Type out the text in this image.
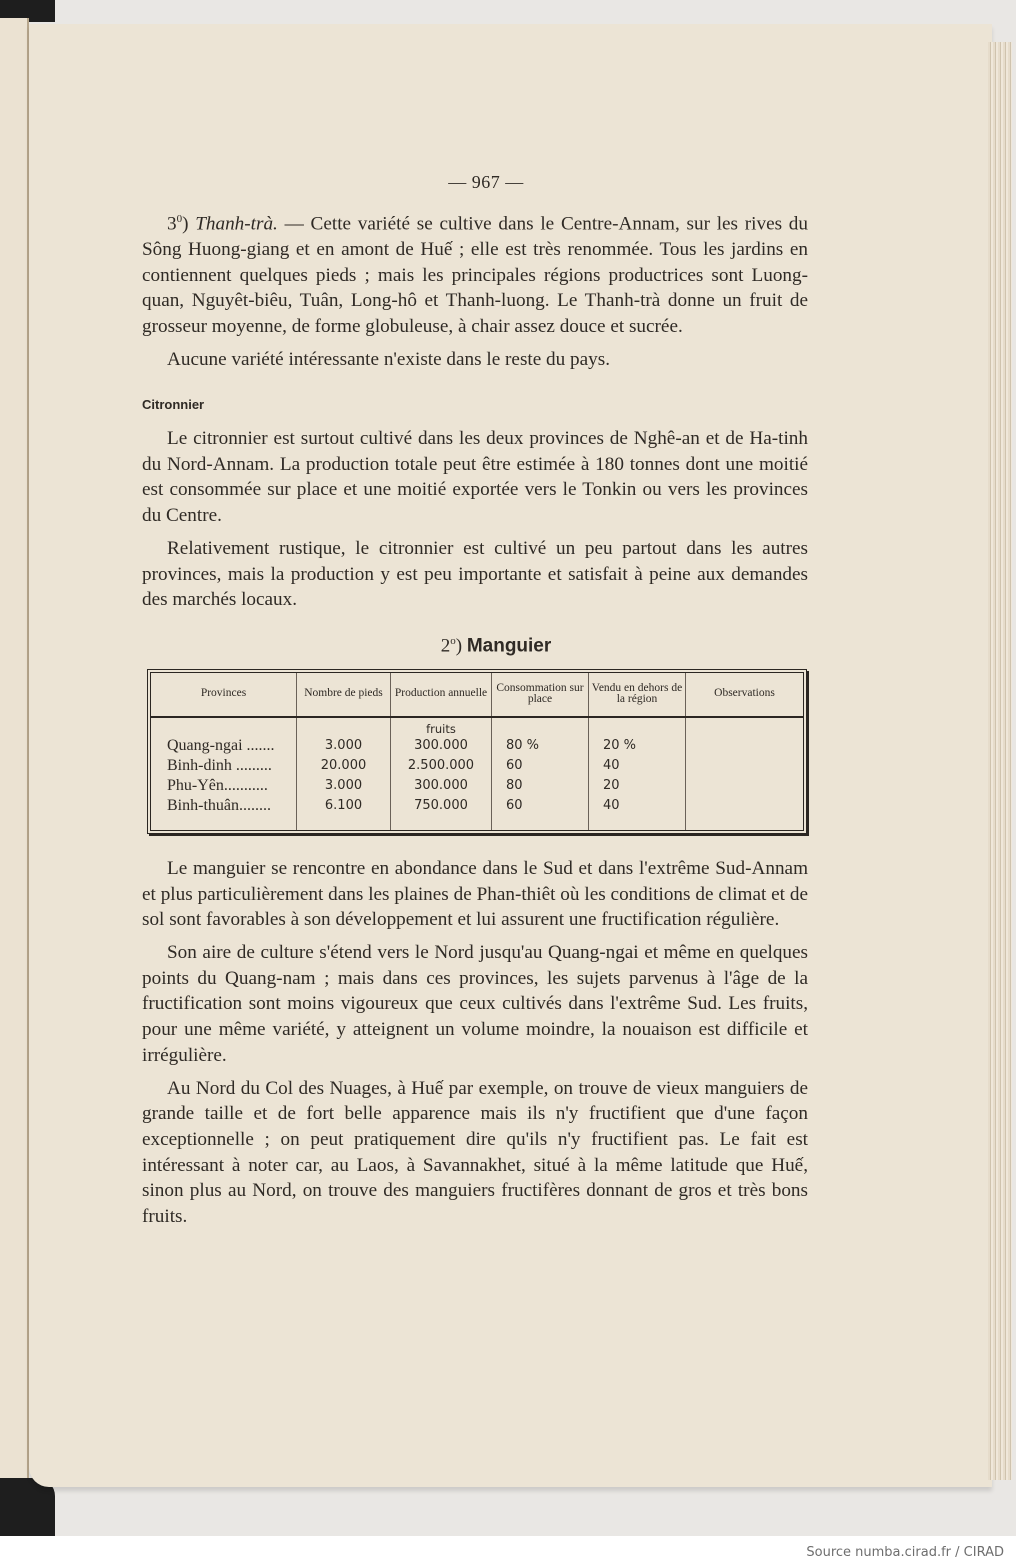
— 967 —

$3^0$) Thanh-trà. — Cette variété se cultive dans le Centre-Annam, sur les rives du Sông Huong-giang et en amont de Huế ; elle est très renommée. Tous les jardins en contiennent quelques pieds ; mais les principales régions productrices sont Luong-quan, Nguyêt-biêu, Tuân, Long-hô et Thanh-luong. Le Thanh-trà donne un fruit de grosseur moyenne, de forme globuleuse, à chair assez douce et sucrée.

Aucune variété intéressante n'existe dans le reste du pays.

Citronnier

Le citronnier est surtout cultivé dans les deux provinces de Nghê-an et de Ha-tinh du Nord-Annam. La production totale peut être estimée à 180 tonnes dont une moitié est consommée sur place et une moitié exportée vers le Tonkin ou vers les provinces du Centre.

Relativement rustique, le citronnier est cultivé un peu partout dans les autres provinces, mais la production y est peu importante et satisfait à peine aux demandes des marchés locaux.

2$^o$) Manguier
Provinces	Nombre de pieds	Production annuelle	Consommation sur place	Vendu en dehors de la région	Observations
		fruits			
Quang-ngai .......	3.000	300.000	80 %	20 %	
Binh-dinh .........	20.000	2.500.000	60	40	
Phu-Yên...........	3.000	300.000	80	20	
Binh-thuân........	6.100	750.000	60	40	

Le manguier se rencontre en abondance dans le Sud et dans l'extrême Sud-Annam et plus particulièrement dans les plaines de Phan-thiêt où les conditions de climat et de sol sont favorables à son développement et lui assurent une fructification régulière.

Son aire de culture s'étend vers le Nord jusqu'au Quang-ngai et même en quelques points du Quang-nam ; mais dans ces provinces, les sujets parvenus à l'âge de la fructification sont moins vigoureux que ceux cultivés dans l'extrême Sud. Les fruits, pour une même variété, y atteignent un volume moindre, la nouaison est difficile et irrégulière.

Au Nord du Col des Nuages, à Huế par exemple, on trouve de vieux manguiers de grande taille et de fort belle apparence mais ils n'y fructifient que d'une façon exceptionnelle ; on peut pratiquement dire qu'ils n'y fructifient pas. Le fait est intéressant à noter car, au Laos, à Savannakhet, situé à la même latitude que Huế, sinon plus au Nord, on trouve des manguiers fructifères donnant de gros et très bons fruits.

Source numba.cirad.fr / CIRAD
